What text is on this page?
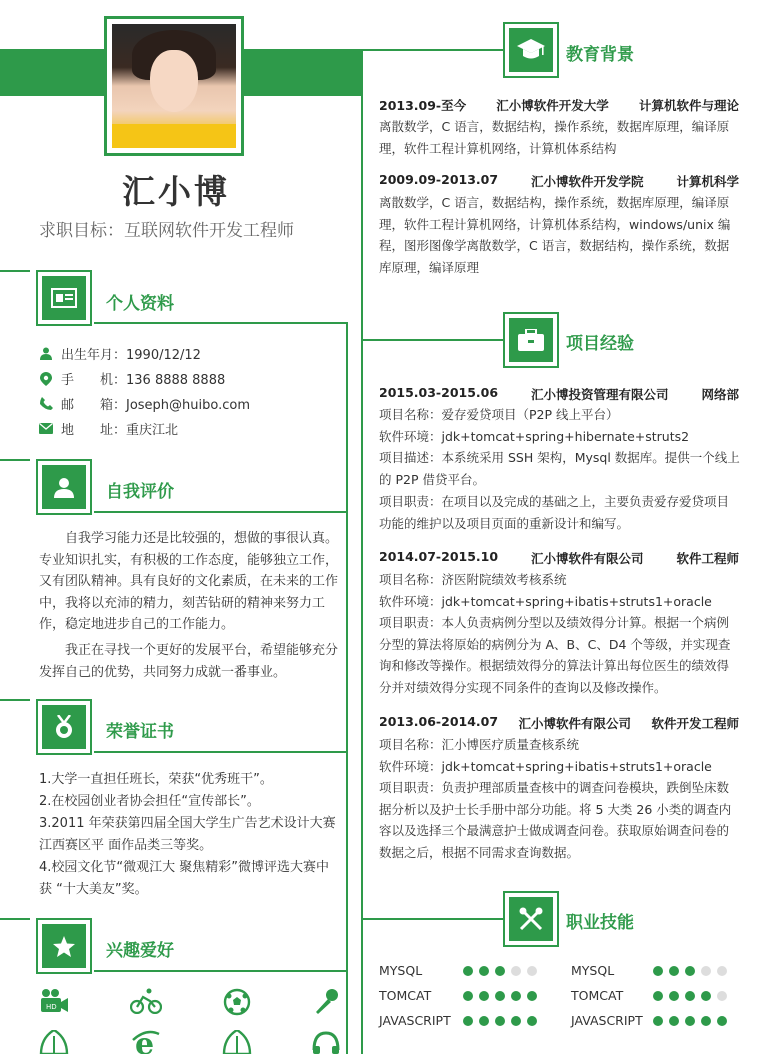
汇小博
求职目标：互联网软件开发工程师
个人资料
出生年月：1990/12/12
手　　机：136 8888 8888
邮　　箱：Joseph@huibo.com
地　　址：重庆江北
自我评价
　　自我学习能力还是比较强的，想做的事很认真。专业知识扎实，有积极的工作态度，能够独立工作，又有团队精神。具有良好的文化素质，在未来的工作中，我将以充沛的精力，刻苦钻研的精神来努力工作，稳定地进步自己的工作能力。
　　我正在寻找一个更好的发展平台，希望能够充分发挥自己的优势，共同努力成就一番事业。
荣誉证书
1.大学一直担任班长，荣获“优秀班干”。
2.在校园创业者协会担任“宣传部长”。
3.2011 年荣获第四届全国大学生广告艺术设计大赛江西赛区平 面作品类三等奖。
4.校园文化节“微观江大 聚焦精彩”微博评选大赛中获 “十大美友”奖。
兴趣爱好
HD
e
教育背景
2013.09-至今 汇小博软件开发大学 计算机软件与理论
离散数学，C 语言，数据结构，操作系统，数据库原理，编译原理，软件工程计算机网络，计算机体系结构
2009.09-2013.07	汇小博软件开发学院	计算机科学
离散数学，C 语言，数据结构，操作系统，数据库原理，编译原理，软件工程计算机网络，计算机体系结构，windows/unix 编程，图形图像学离散数学，C 语言，数据结构，操作系统，数据库原理，编译原理
项目经验
2015.03-2015.06	汇小博投资管理有限公司	网络部
项目名称：爱存爱贷项目（P2P 线上平台）
软件环境：jdk+tomcat+spring+hibernate+struts2
项目描述：本系统采用 SSH 架构，Mysql 数据库。提供一个线上的 P2P 借贷平台。
项目职责：在项目以及完成的基础之上，主要负责爱存爱贷项目功能的维护以及项目页面的重新设计和编写。
2014.07-2015.10	汇小博软件有限公司	软件工程师
项目名称：济医附院绩效考核系统
软件环境：jdk+tomcat+spring+ibatis+struts1+oracle
项目职责：本人负责病例分型以及绩效得分计算。根据一个病例分型的算法将原始的病例分为 A、B、C、D4 个等级，并实现查询和修改等操作。根据绩效得分的算法计算出每位医生的绩效得分并对绩效得分实现不同条件的查询以及修改操作。
2013.06-2014.07 汇小博软件有限公司 软件开发工程师
项目名称：汇小博医疗质量查核系统
软件环境：jdk+tomcat+spring+ibatis+struts1+oracle
项目职责：负责护理部质量查核中的调查问卷模块，跌倒坠床数据分析以及护士长手册中部分功能。将 5 大类 26 小类的调查内容以及选择三个最满意护士做成调查问卷。获取原始调查问卷的数据之后，根据不同需求查询数据。
职业技能
MYSQL
TOMCAT
JAVASCRIPT
MYSQL
TOMCAT
JAVASCRIPT
